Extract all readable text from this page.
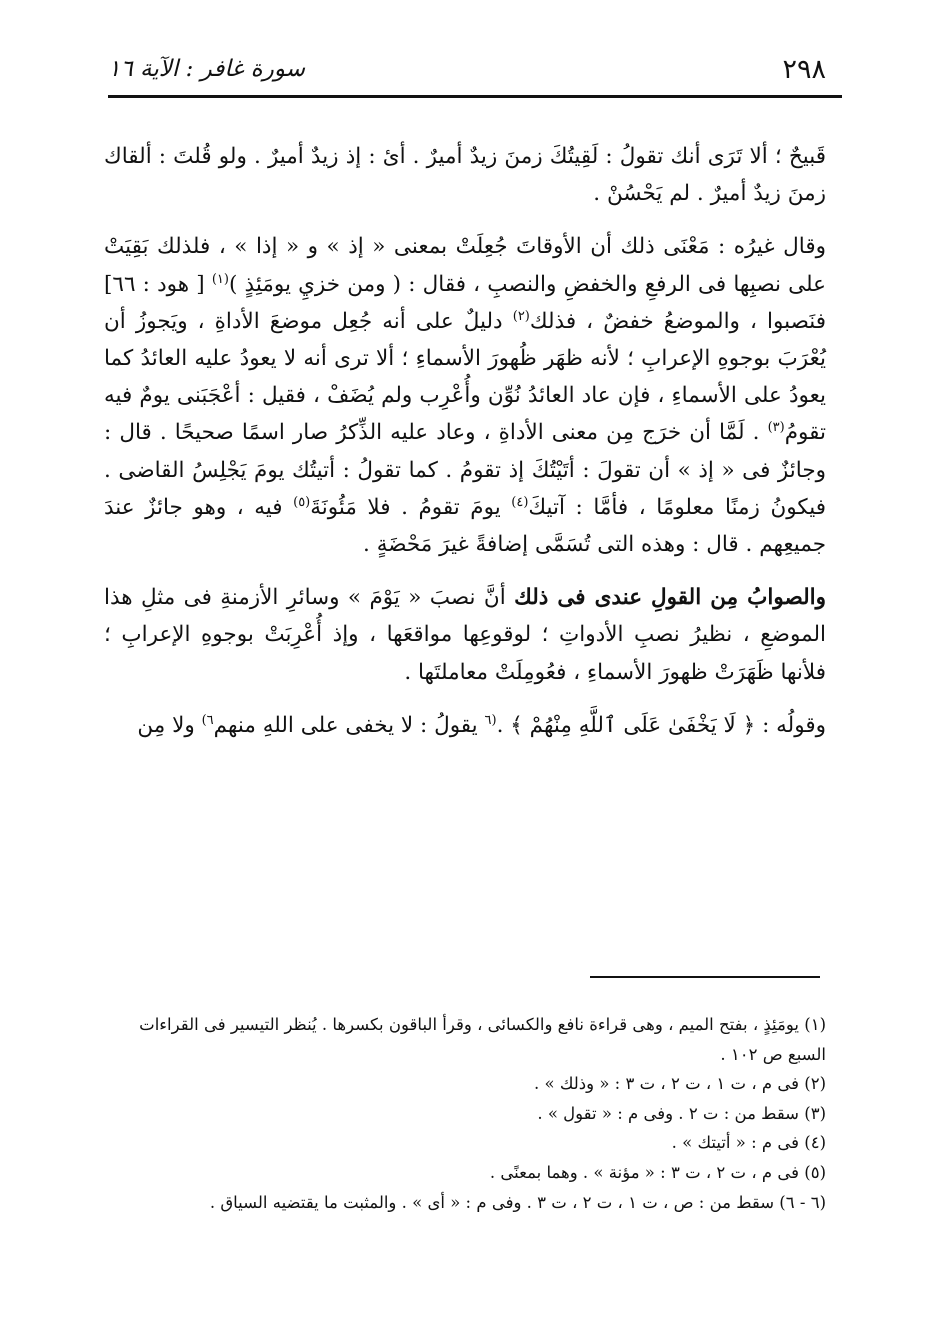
٢٩٨
سورة غافر : الآية ١٦

قَبيحٌ ؛ ألا تَرَى أنك تقولُ : لَقِيتُكَ زمنَ زيدٌ أميرٌ . أئ : إذ زيدٌ أميرٌ . ولو قُلتَ : ألقاك زمنَ زيدٌ أميرٌ . لم يَحْسُنْ .

وقال غيرُه : مَعْنَى ذلك أن الأوقاتَ جُعِلَتْ بمعنى « إذ » و « إذا » ، فلذلك بَقِيَتْ على نصبِها فى الرفعِ والخفضِ والنصبِ ، فقال : ( ومن خزيِ يومَئِذٍ )$^{(١)}$ [ هود : ٦٦] فنَصبوا ، والموضعُ خفضٌ ، فذلك$^{(٢)}$ دليلٌ على أنه جُعِل موضعَ الأداةِ ، ويَجوزُ أن يُعْرَبَ بوجوهِ الإعرابِ ؛ لأنه ظهَر ظُهورَ الأسماءِ ؛ ألا ترى أنه لا يعودُ عليه العائدُ كما يعودُ على الأسماءِ ، فإن عاد العائدُ نُوِّن وأُعْرِب ولم يُضَفْ ، فقيل : أعْجَبَنى يومٌ فيه تقومُ$^{(٣)}$ . لَمَّا أن خرَج مِن معنى الأداةِ ، وعاد عليه الذِّكرُ صار اسمًا صحيحًا . قال : وجائزٌ فى « إذ » أن تقولَ : أتَيْتُكَ إذ تقومُ . كما تقولُ : أتيتُك يومَ يَجْلِسُ القاضى . فيكونُ زمنًا معلومًا ، فأمَّا : آتيكَ$^{(٤)}$ يومَ تقومُ . فلا مَئُونَةَ$^{(٥)}$ فيه ، وهو جائزٌ عندَ جميعِهم . قال : وهذه التى تُسَمَّى إضافةً غيرَ مَحْضَةٍ .

والصوابُ مِن القولِ عندى فى ذلك أنَّ نصبَ « يَوْمَ » وسائرِ الأزمنةِ فى مثلِ هذا الموضعِ ، نظيرُ نصبِ الأدواتِ ؛ لوقوعِها مواقعَها ، وإذ أُعْرِبَتْ بوجوهِ الإعرابِ ؛ فلأنها ظَهَرَتْ ظهورَ الأسماءِ ، فعُومِلَتْ معاملتَها .

وقولُه : ﴿ لَا يَخْفَىٰ عَلَى ٱللَّهِ مِنْهُمْ ﴾ .$^{(٦}$ يقولُ : لا يخفى على اللهِ منهم$^{٦)}$ ولا مِن

(١) يومَئِذٍ ، بفتح الميم ، وهى قراءة نافع والكسائى ، وقرأ الباقون بكسرها . يُنظر التيسير فى القراءات السبع ص ١٠٢ .

(٢) فى م ، ت ١ ، ت ٢ ، ت ٣ : « وذلك » .

(٣) سقط من : ت ٢ . وفى م : « تقول » .

(٤) فى م : « أتيتك » .

(٥) فى م ، ت ٢ ، ت ٣ : « مؤنة » . وهما بمعنًى .

(٦ - ٦) سقط من : ص ، ت ١ ، ت ٢ ، ت ٣ . وفى م : « أى » . والمثبت ما يقتضيه السياق .
